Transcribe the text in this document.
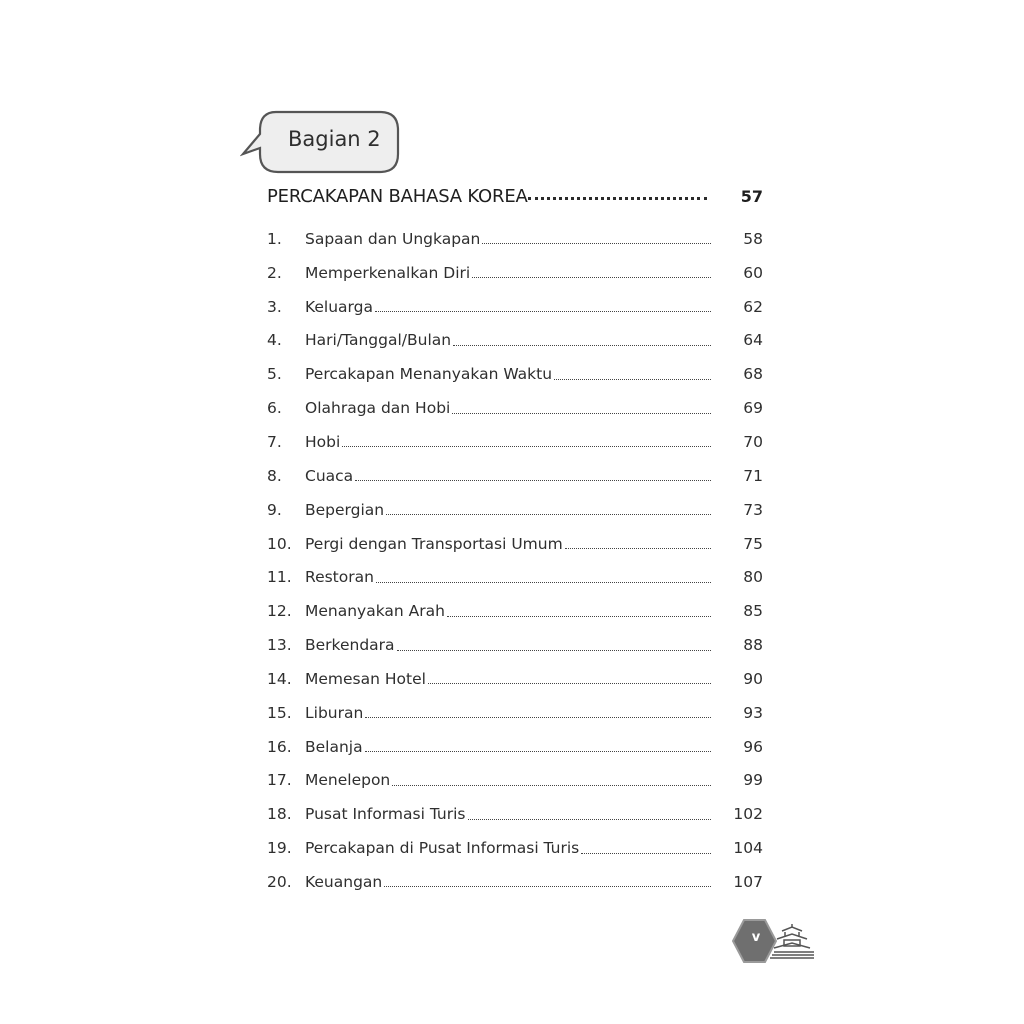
Bagian 2
PERCAKAPAN BAHASA KOREA	57
1.	Sapaan dan Ungkapan	58
2.	Memperkenalkan Diri	60
3.	Keluarga	62
4.	Hari/Tanggal/Bulan	64
5.	Percakapan Menanyakan Waktu	68
6.	Olahraga dan Hobi	69
7.	Hobi	70
8.	Cuaca	71
9.	Bepergian	73
10. Pergi dengan Transportasi Umum	75
11. Restoran	80
12. Menanyakan Arah	85
13. Berkendara	88
14. Memesan Hotel	90
15. Liburan	93
16. Belanja	96
17. Menelepon	99
18. Pusat Informasi Turis	102
19. Percakapan di Pusat Informasi Turis	104
20. Keuangan	107
v
